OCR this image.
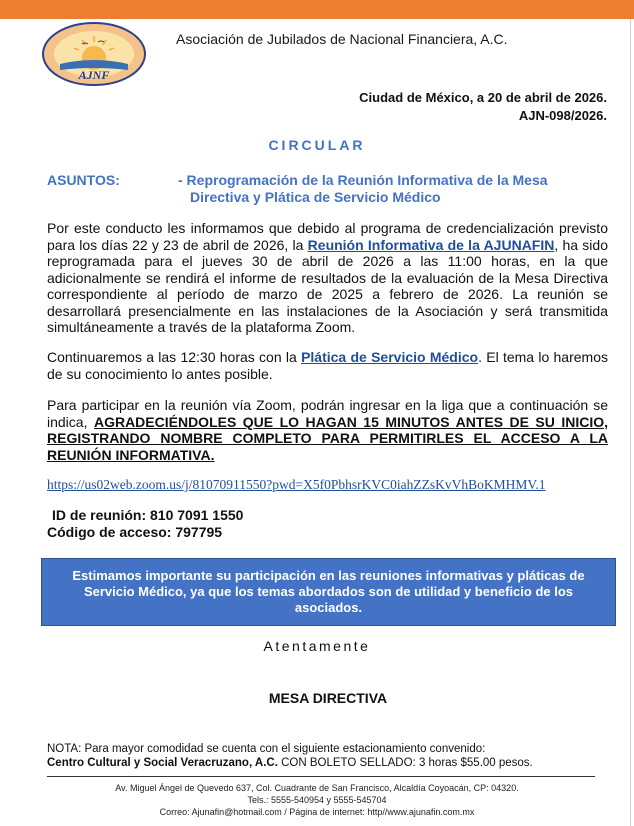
AJNF
Asociación de Jubilados de Nacional Financiera, A.C.
Ciudad de México, a 20 de abril de 2026.
AJN-098/2026.
CIRCULAR
ASUNTOS:	- Reprogramación de la Reunión Informativa de la Mesa
Directiva y Plática de Servicio Médico
Por este conducto les informamos que debido al programa de credencialización previsto para los días 22 y 23 de abril de 2026, la Reunión Informativa de la AJUNAFIN, ha sido reprogramada para el jueves 30 de abril de 2026 a las 11:00 horas, en la que adicionalmente se rendirá el informe de resultados de la evaluación de la Mesa Directiva correspondiente al período de marzo de 2025 a febrero de 2026. La reunión se desarrollará presencialmente en las instalaciones de la Asociación y será transmitida simultáneamente a través de la plataforma Zoom.
Continuaremos a las 12:30 horas con la Plática de Servicio Médico. El tema lo haremos de su conocimiento lo antes posible.
Para participar en la reunión vía Zoom, podrán ingresar en la liga que a continuación se indica, AGRADECIÉNDOLES QUE LO HAGAN 15 MINUTOS ANTES DE SU INICIO, REGISTRANDO NOMBRE COMPLETO PARA PERMITIRLES EL ACCESO A LA REUNIÓN INFORMATIVA.
https://us02web.zoom.us/j/81070911550?pwd=X5f0PbhsrKVC0iahZZsKvVhBoKMHMV.1
ID de reunión: 810 7091 1550
Código de acceso: 797795
Estimamos importante su participación en las reuniones informativas y pláticas de Servicio Médico, ya que los temas abordados son de utilidad y beneficio de los asociados.
Atentamente
MESA DIRECTIVA
NOTA: Para mayor comodidad se cuenta con el siguiente estacionamiento convenido:
Centro Cultural y Social Veracruzano, A.C. CON BOLETO SELLADO: 3 horas $55.00 pesos.
Av. Miguel Ángel de Quevedo 637, Col. Cuadrante de San Francisco, Alcaldía Coyoacán, CP: 04320.
Tels.: 5555-540954 y 5555-545704
Correo: Ajunafin@hotmail.com / Página de internet: http//www.ajunafin.com.mx
